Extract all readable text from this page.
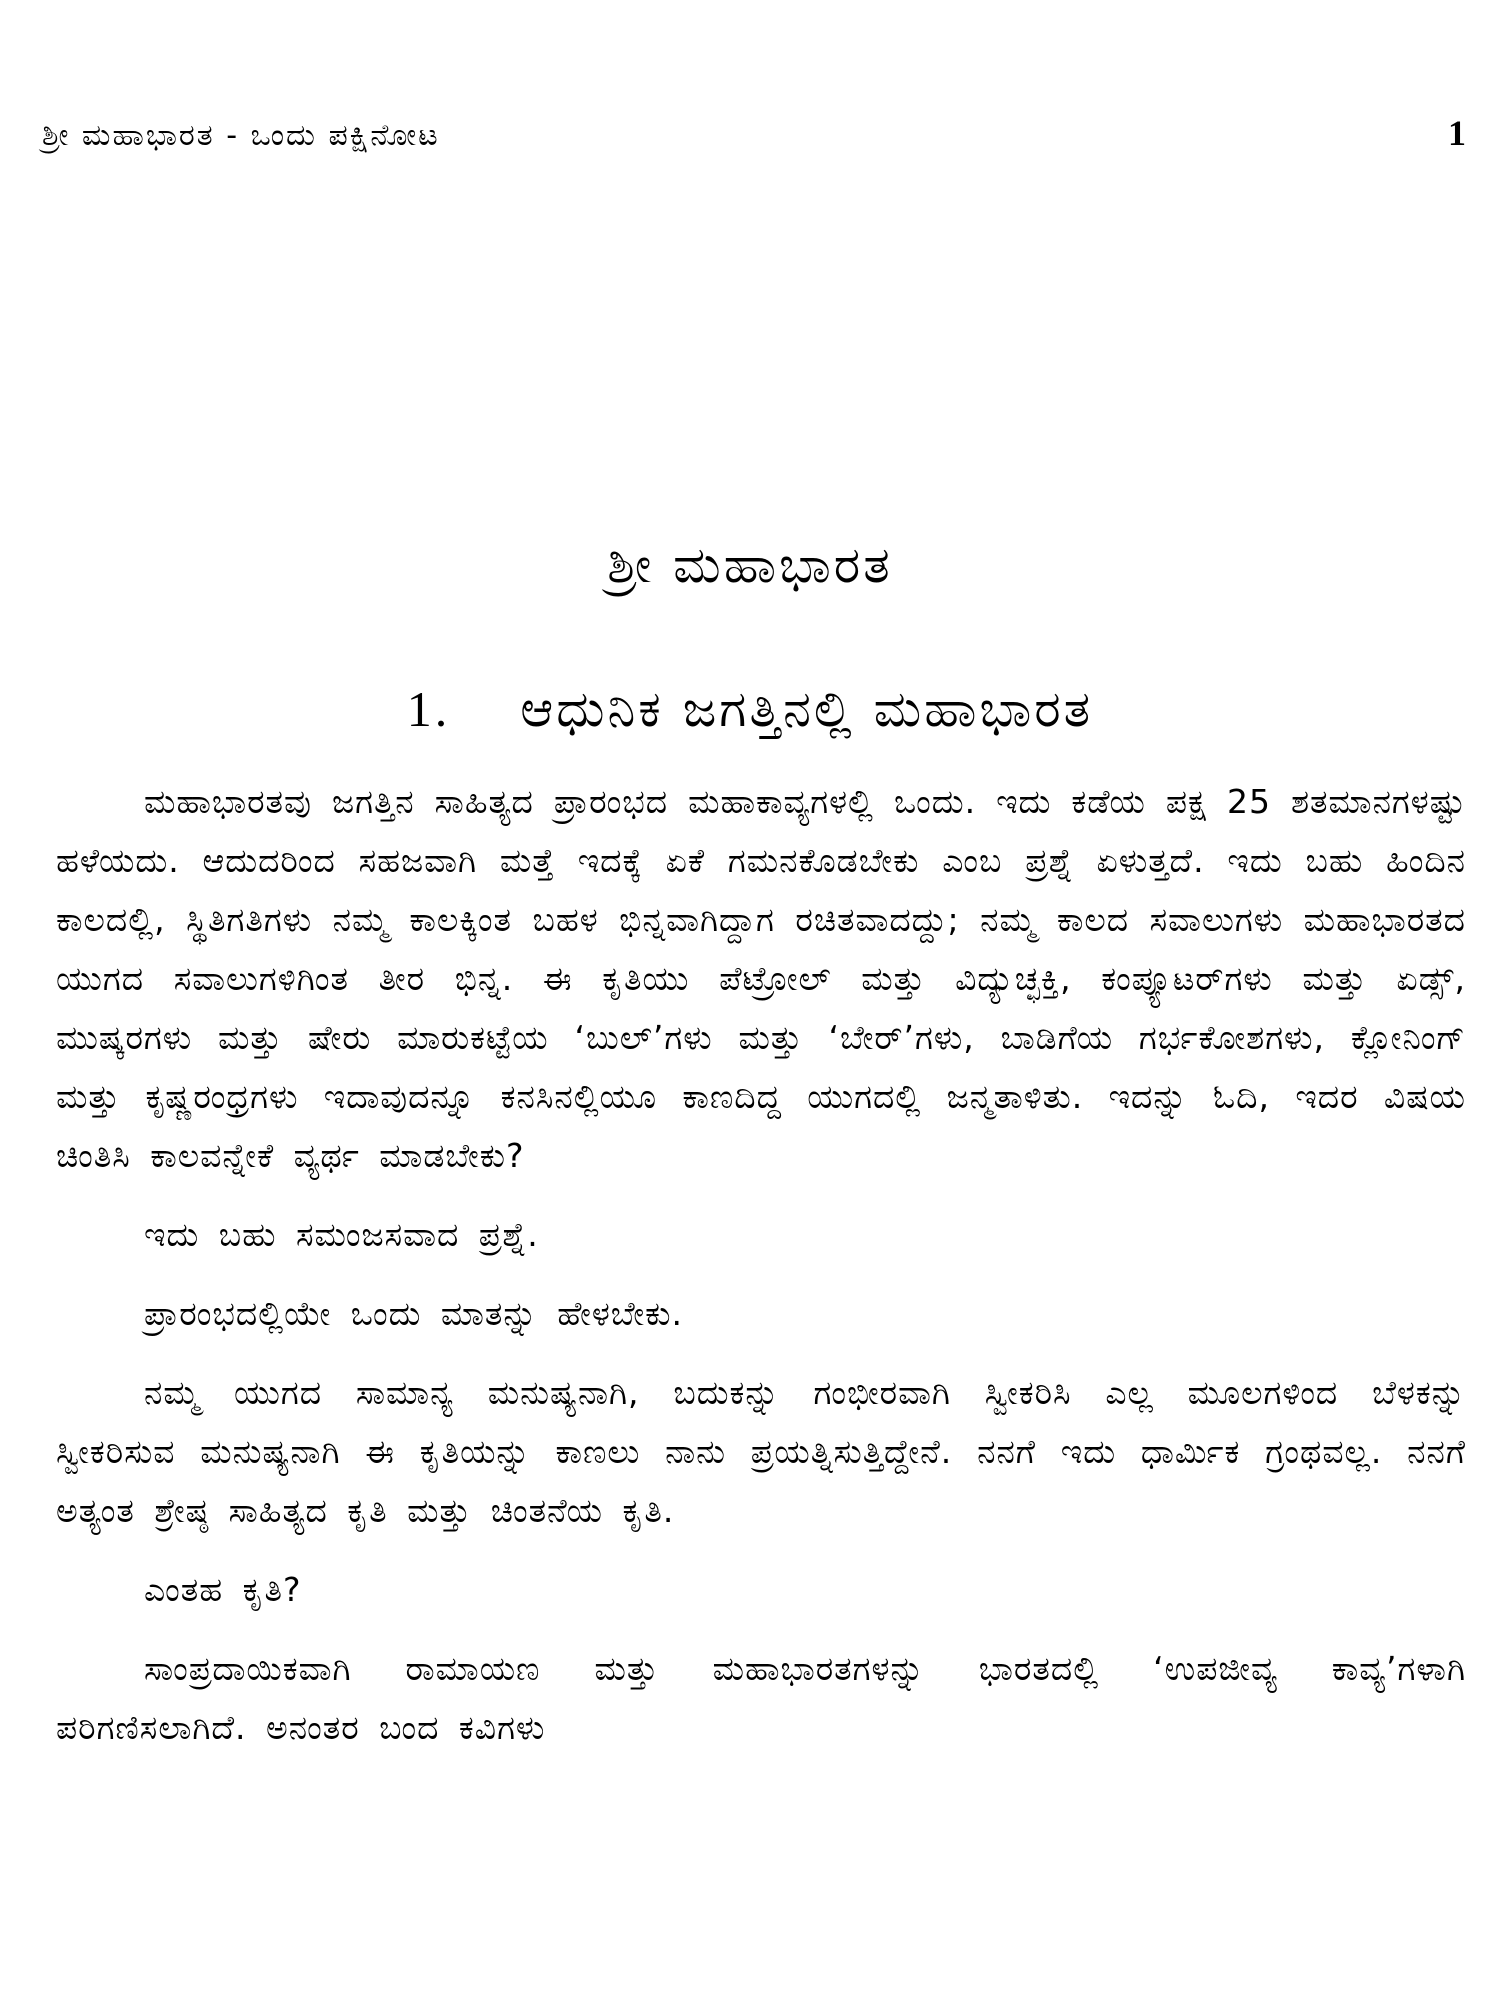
ಶ್ರೀ ಮಹಾಭಾರತ - ಒಂದು ಪಕ್ಷಿನೋಟ	1
ಶ್ರೀ ಮಹಾಭಾರತ
1. ಆಧುನಿಕ ಜಗತ್ತಿನಲ್ಲಿ ಮಹಾಭಾರತ

ಮಹಾಭಾರತವು ಜಗತ್ತಿನ ಸಾಹಿತ್ಯದ ಪ್ರಾರಂಭದ ಮಹಾಕಾವ್ಯಗಳಲ್ಲಿ ಒಂದು. ಇದು ಕಡೆಯ ಪಕ್ಷ 25 ಶತಮಾನಗಳಷ್ಟು ಹಳೆಯದು. ಆದುದರಿಂದ ಸಹಜವಾಗಿ ಮತ್ತೆ ಇದಕ್ಕೆ ಏಕೆ ಗಮನಕೊಡಬೇಕು ಎಂಬ ಪ್ರಶ್ನೆ ಏಳುತ್ತದೆ. ಇದು ಬಹು ಹಿಂದಿನ ಕಾಲದಲ್ಲಿ, ಸ್ಥಿತಿಗತಿಗಳು ನಮ್ಮ ಕಾಲಕ್ಕಿಂತ ಬಹಳ ಭಿನ್ನವಾಗಿದ್ದಾಗ ರಚಿತವಾದದ್ದು; ನಮ್ಮ ಕಾಲದ ಸವಾಲುಗಳು ಮಹಾಭಾರತದ ಯುಗದ ಸವಾಲುಗಳಿಗಿಂತ ತೀರ ಭಿನ್ನ. ಈ ಕೃತಿಯು ಪೆಟ್ರೋಲ್ ಮತ್ತು ವಿದ್ಯುಚ್ಛಕ್ತಿ, ಕಂಪ್ಯೂಟರ್‌ಗಳು ಮತ್ತು ಏಡ್ಸ್, ಮುಷ್ಕರಗಳು ಮತ್ತು ಷೇರು ಮಾರುಕಟ್ಟೆಯ ‘ಬುಲ್’ಗಳು ಮತ್ತು ‘ಬೇರ್’ಗಳು, ಬಾಡಿಗೆಯ ಗರ್ಭಕೋಶಗಳು, ಕ್ಲೋನಿಂಗ್ ಮತ್ತು ಕೃಷ್ಣರಂಧ್ರಗಳು ಇದಾವುದನ್ನೂ ಕನಸಿನಲ್ಲಿಯೂ ಕಾಣದಿದ್ದ ಯುಗದಲ್ಲಿ ಜನ್ಮತಾಳಿತು. ಇದನ್ನು ಓದಿ, ಇದರ ವಿಷಯ ಚಿಂತಿಸಿ ಕಾಲವನ್ನೇಕೆ ವ್ಯರ್ಥ ಮಾಡಬೇಕು?

ಇದು ಬಹು ಸಮಂಜಸವಾದ ಪ್ರಶ್ನೆ.

ಪ್ರಾರಂಭದಲ್ಲಿಯೇ ಒಂದು ಮಾತನ್ನು ಹೇಳಬೇಕು.

ನಮ್ಮ ಯುಗದ ಸಾಮಾನ್ಯ ಮನುಷ್ಯನಾಗಿ, ಬದುಕನ್ನು ಗಂಭೀರವಾಗಿ ಸ್ವೀಕರಿಸಿ ಎಲ್ಲ ಮೂಲಗಳಿಂದ ಬೆಳಕನ್ನು ಸ್ವೀಕರಿಸುವ ಮನುಷ್ಯನಾಗಿ ಈ ಕೃತಿಯನ್ನು ಕಾಣಲು ನಾನು ಪ್ರಯತ್ನಿಸುತ್ತಿದ್ದೇನೆ. ನನಗೆ ಇದು ಧಾರ್ಮಿಕ ಗ್ರಂಥವಲ್ಲ. ನನಗೆ ಅತ್ಯಂತ ಶ್ರೇಷ್ಠ ಸಾಹಿತ್ಯದ ಕೃತಿ ಮತ್ತು ಚಿಂತನೆಯ ಕೃತಿ.

ಎಂತಹ ಕೃತಿ?

ಸಾಂಪ್ರದಾಯಿಕವಾಗಿ ರಾಮಾಯಣ ಮತ್ತು ಮಹಾಭಾರತಗಳನ್ನು ಭಾರತದಲ್ಲಿ ‘ಉಪಜೀವ್ಯ ಕಾವ್ಯ’ಗಳಾಗಿ ಪರಿಗಣಿಸಲಾಗಿದೆ. ಅನಂತರ ಬಂದ ಕವಿಗಳು
